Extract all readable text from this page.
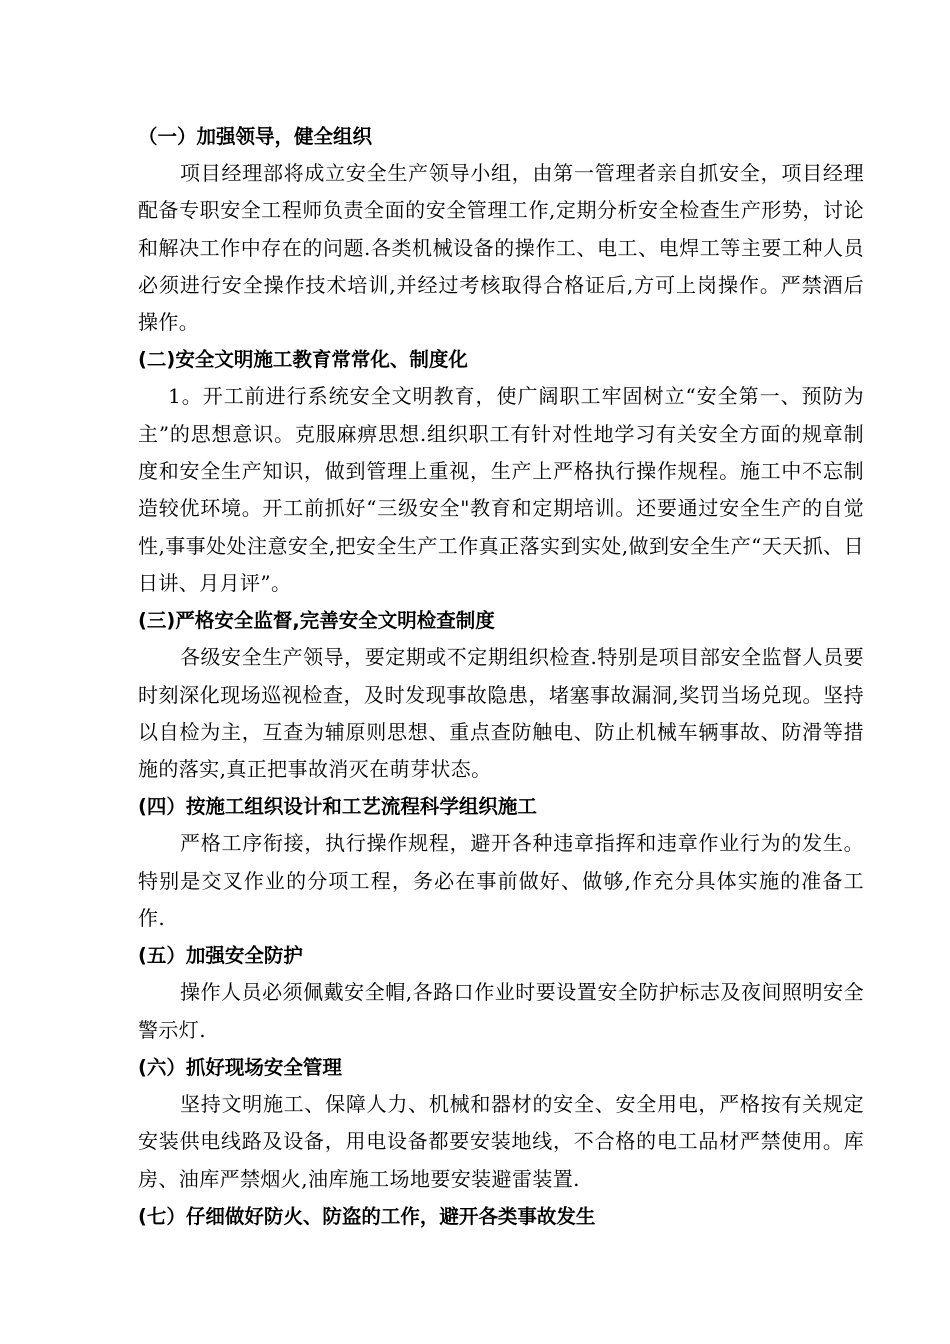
（一）加强领导，健全组织

项目经理部将成立安全生产领导小组，由第一管理者亲自抓安全，项目经理配备专职安全工程师负责全面的安全管理工作,定期分析安全检查生产形势，讨论和解决工作中存在的问题.各类机械设备的操作工、电工、电焊工等主要工种人员必须进行安全操作技术培训,并经过考核取得合格证后,方可上岗操作。严禁酒后操作。

(二)安全文明施工教育常常化、制度化

1。开工前进行系统安全文明教育，使广阔职工牢固树立“安全第一、预防为主”的思想意识。克服麻痹思想.组织职工有针对性地学习有关安全方面的规章制度和安全生产知识，做到管理上重视，生产上严格执行操作规程。施工中不忘制造较优环境。开工前抓好“三级安全"教育和定期培训。还要通过安全生产的自觉性,事事处处注意安全,把安全生产工作真正落实到实处,做到安全生产“天天抓、日日讲、月月评”。

(三)严格安全监督,完善安全文明检查制度

各级安全生产领导，要定期或不定期组织检查.特别是项目部安全监督人员要时刻深化现场巡视检查，及时发现事故隐患，堵塞事故漏洞,奖罚当场兑现。坚持以自检为主，互查为辅原则思想、重点查防触电、防止机械车辆事故、防滑等措施的落实,真正把事故消灭在萌芽状态。

(四）按施工组织设计和工艺流程科学组织施工

严格工序衔接，执行操作规程，避开各种违章指挥和违章作业行为的发生。特别是交叉作业的分项工程，务必在事前做好、做够,作充分具体实施的准备工作.

(五）加强安全防护

操作人员必须佩戴安全帽,各路口作业时要设置安全防护标志及夜间照明安全警示灯.

(六）抓好现场安全管理

坚持文明施工、保障人力、机械和器材的安全、安全用电，严格按有关规定安装供电线路及设备，用电设备都要安装地线，不合格的电工品材严禁使用。库房、油库严禁烟火,油库施工场地要安装避雷装置.

(七）仔细做好防火、防盗的工作，避开各类事故发生
